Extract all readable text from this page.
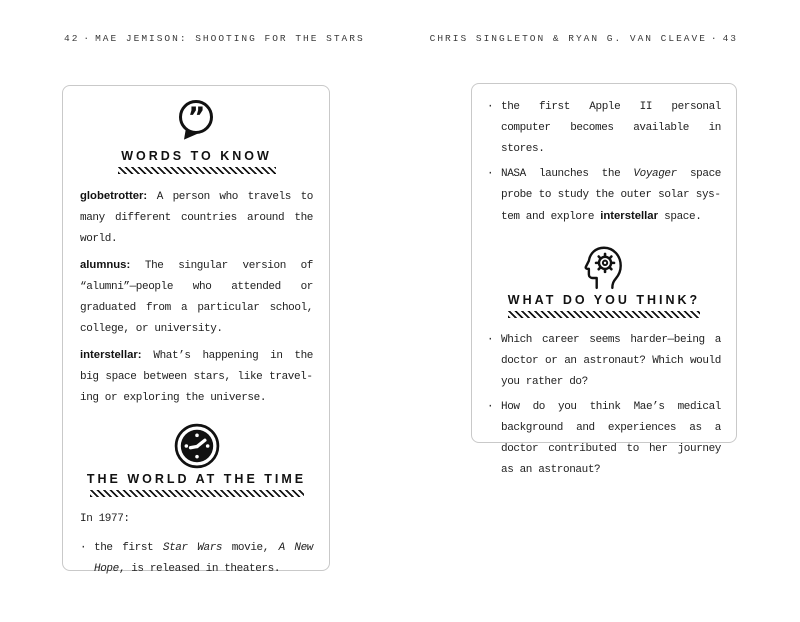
42 · MAE JEMISON: SHOOTING FOR THE STARS	CHRIS SINGLETON & RYAN G. VAN CLEAVE · 43
”
WORDS TO KNOW

globetrotter: A person who travels to many different countries around the world.

alumnus: The singular version of “alumni”—people who attended or graduated from a particular school, college, or university.

interstellar: What’s happening in the big space between stars, like traveling or exploring the universe.

THE WORLD AT THE TIME
In 1977:
· the first Star Wars movie, A New Hope, is released in theaters.
· the first Apple II personal computer becomes available in stores.
· NASA launches the Voyager space probe to study the outer solar system and explore interstellar space.
WHAT DO YOU THINK?
· Which career seems harder—being a doctor or an astronaut? Which would you rather do?
· How do you think Mae’s medical background and experiences as a doctor contributed to her journey as an astronaut?
